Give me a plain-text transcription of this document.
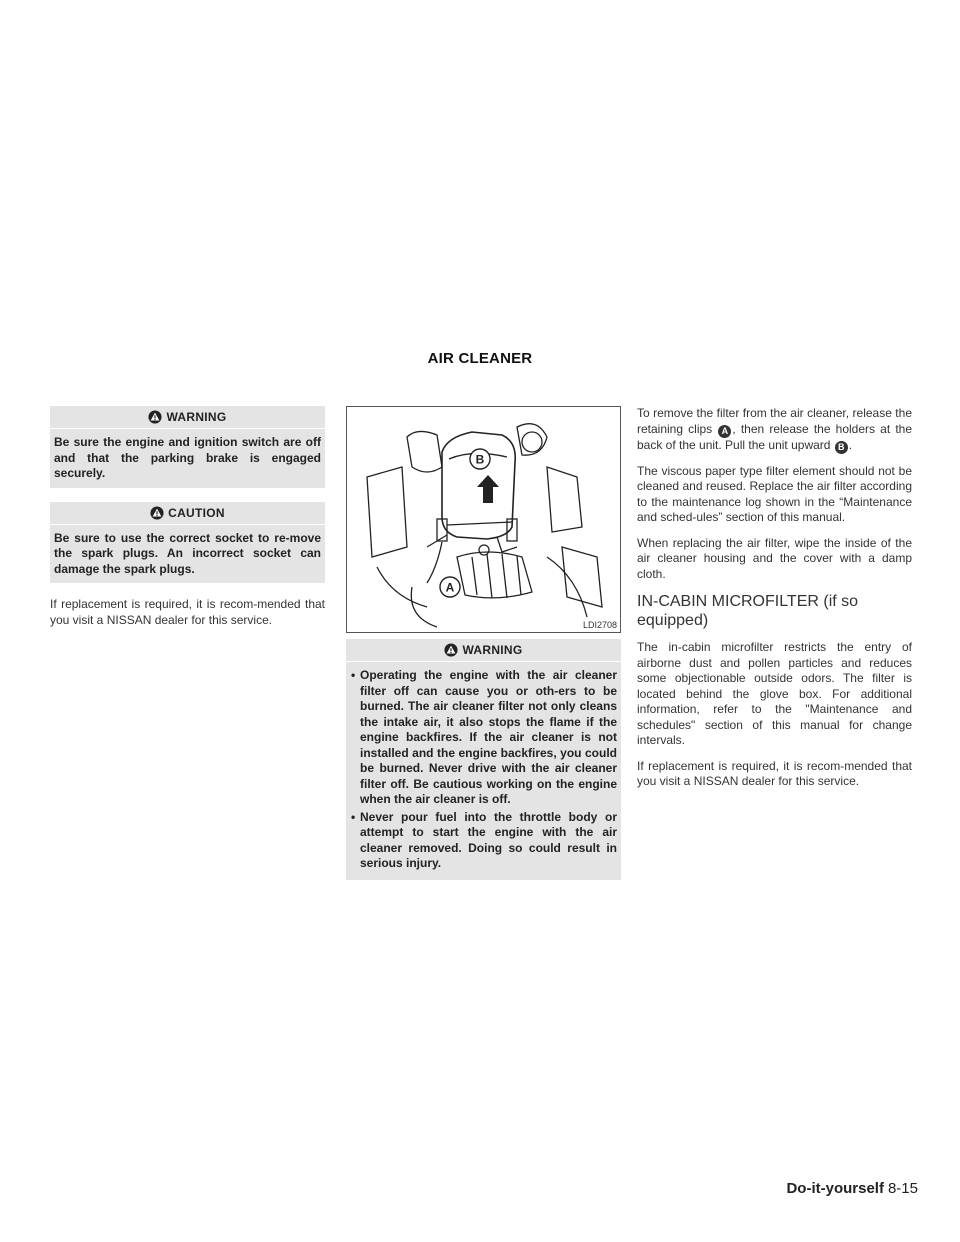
AIR CLEANER
WARNING
Be sure the engine and ignition switch are off and that the parking brake is engaged securely.
CAUTION
Be sure to use the correct socket to re-move the spark plugs. An incorrect socket can damage the spark plugs.

If replacement is required, it is recom-mended that you visit a NISSAN dealer for this service.

B
A
LDI2708
WARNING
• Operating the engine with the air cleaner filter off can cause you or oth-ers to be burned. The air cleaner filter not only cleans the intake air, it also stops the flame if the engine backfires. If the air cleaner is not installed and the engine backfires, you could be burned. Never drive with the air cleaner filter off. Be cautious working on the engine when the air cleaner is off.
• Never pour fuel into the throttle body or attempt to start the engine with the air cleaner removed. Doing so could result in serious injury.

To remove the filter from the air cleaner, release the retaining clips A , then release the holders at the back of the unit. Pull the unit upward B .

The viscous paper type filter element should not be cleaned and reused. Replace the air filter according to the maintenance log shown in the “Maintenance and sched-ules” section of this manual.

When replacing the air filter, wipe the inside of the air cleaner housing and the cover with a damp cloth.

IN-CABIN MICROFILTER (if so equipped)

The in-cabin microfilter restricts the entry of airborne dust and pollen particles and reduces some objectionable outside odors. The filter is located behind the glove box. For additional information, refer to the "Maintenance and schedules" section of this manual for change intervals.

If replacement is required, it is recom-mended that you visit a NISSAN dealer for this service.

Do-it-yourself 8-15
